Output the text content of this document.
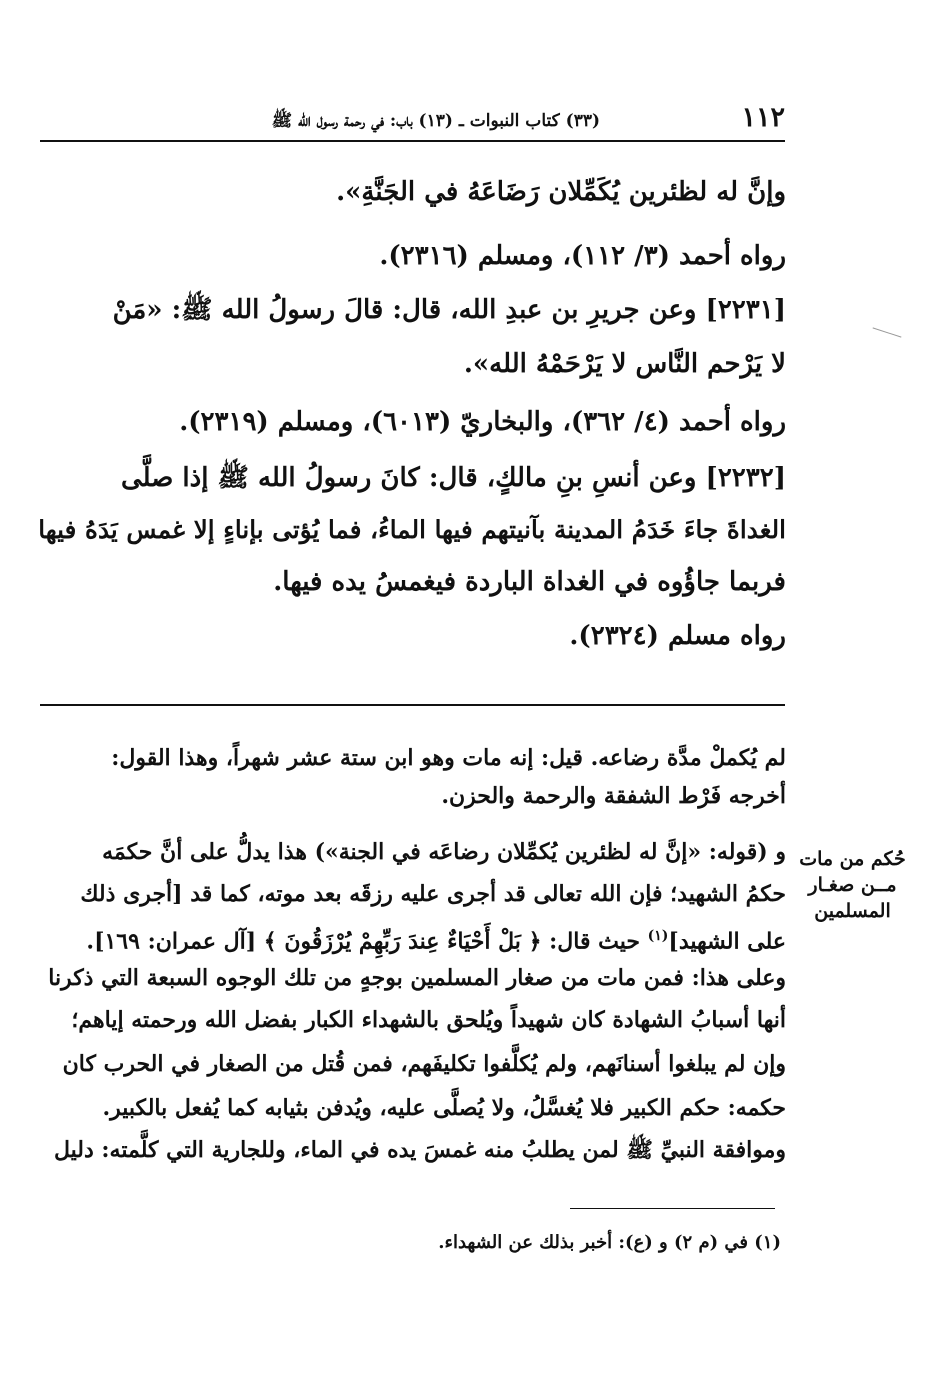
١١٢
(٣٣) كتاب النبوات ـ (١٣) باب: في رحمة رسول الله ﷺ
وإنَّ له لظئرين يُكَمِّلان رَضَاعَهُ في الجَنَّةِ».
رواه أحمد (٣/ ١١٢)، ومسلم (٢٣١٦).
[٢٢٣١] وعن جريرِ بن عبدِ الله، قال: قالَ رسولُ الله ﷺ: «مَنْ
لا يَرْحم النَّاس لا يَرْحَمْهُ الله».
رواه أحمد (٤/ ٣٦٢)، والبخاريّ (٦٠١٣)، ومسلم (٢٣١٩).
[٢٢٣٢] وعن أنسِ بنِ مالكٍ، قال: كانَ رسولُ الله ﷺ إذا صلَّى
الغداةَ جاءَ خَدَمُ المدينة بآنيتهم فيها الماءُ، فما يُؤتى بإناءٍ إلا غمس يَدَهُ فيها
فربما جاؤُوه في الغداة الباردة فيغمسُ يده فيها.
رواه مسلم (٢٣٢٤).
لم يُكملْ مدَّة رضاعه. قيل: إنه مات وهو ابن ستة عشر شهراً، وهذا القول:
أخرجه فَرْط الشفقة والرحمة والحزن.
و (قوله: «إنَّ له لظئرين يُكمِّلان رضاعَه في الجنة») هذا يدلُّ على أنَّ حكمَه
حكمُ الشهيد؛ فإن الله تعالى قد أجرى عليه رزقَه بعد موته، كما قد [أجرى ذلك
على الشهيد]$^{(١)}$ حيث قال: ﴿ بَلْ أَحْيَاءٌ عِندَ رَبِّهِمْ يُرْزَقُونَ ﴾ [آل عمران: ١٦٩].
وعلى هذا: فمن مات من صغار المسلمين بوجهٍ من تلك الوجوه السبعة التي ذكرنا
أنها أسبابُ الشهادة كان شهيداً ويُلحق بالشهداء الكبار بفضل الله ورحمته إياهم؛
وإن لم يبلغوا أسنانَهم، ولم يُكلَّفوا تكليفَهم، فمن قُتل من الصغار في الحرب كان
حكمه: حكم الكبير فلا يُغسَّلُ، ولا يُصلَّى عليه، ويُدفن بثيابه كما يُفعل بالكبير.
وموافقة النبيِّ ﷺ لمن يطلبُ منه غمسَ يده في الماء، وللجارية التي كلَّمته: دليل
حُكم من مات
مــن صغـار
المسلمين
(١) في (م ٢) و (ع): أخبر بذلك عن الشهداء.
